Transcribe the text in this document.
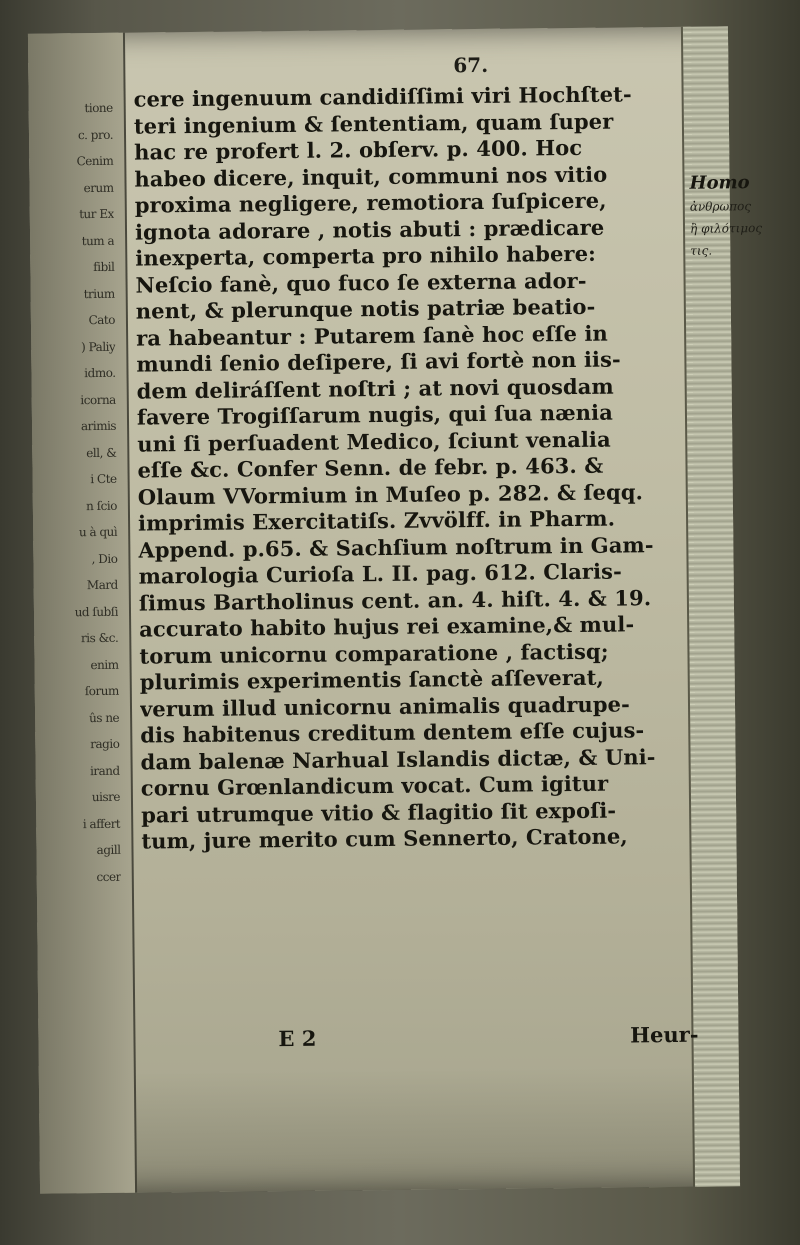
67.
tione
c. pro.
Cenim
erum
tur Ex
tum a
fibil
trium
Cato
) Paliy
idmo.
icorna
arimis
ell, &
i Cte
n ſcio
u à quì
, Dio
Mard
ud ſubſi
ris &c.
enim
ſorum
ûs ne
ragio
irand
uisre
i affert
agill
ccer
cere ingenuum candidiſſimi viri Hochſtet-
teri ingenium & ſententiam, quam ſuper
hac re profert l. 2. obſerv. p. 400. Hoc
habeo dicere, inquit, communi nos vitio
proxima negligere, remotiora ſuſpicere,
ignota adorare , notis abuti : prædicare
inexperta, comperta pro nihilo habere:
Neſcio fanè, quo fuco ſe externa ador-
nent, & plerunque notis patriæ beatio-
ra habeantur : Putarem ſanè hoc eſſe in
mundi ſenio deſipere, ſi avi fortè non iis-
dem deliráſſent noſtri ; at novi quosdam
favere Trogiſſarum nugis, qui ſua nænia
uni ſi perſuadent Medico, ſciunt venalia
eſſe &c. Confer Senn. de febr. p. 463. &
Olaum VVormium in Muſeo p. 282. & ſeqq.
imprimis Exercitatiſs. Zvvölff. in Pharm.
Append. p.65. & Sachſium noſtrum in Gam-
marologia Curioſa L. II. pag. 612. Claris-
ſimus Bartholinus cent. an. 4. hiſt. 4. & 19.
accurato habito hujus rei examine,& mul-
torum unicornu comparatione , factisq;
plurimis experimentis ſanctè aſſeverat,
verum illud unicornu animalis quadrupe-
dis habitenus creditum dentem eſſe cujus-
dam balenæ Narhual Islandis dictæ, & Uni-
cornu Grœnlandicum vocat. Cum igitur
pari utrumque vitio & flagitio ſit expoſi-
tum, jure merito cum Sennerto, Cratone,
Homo
ἀνθρωπος
ἢ φιλότιμος
τις.
E 2	Heur-
